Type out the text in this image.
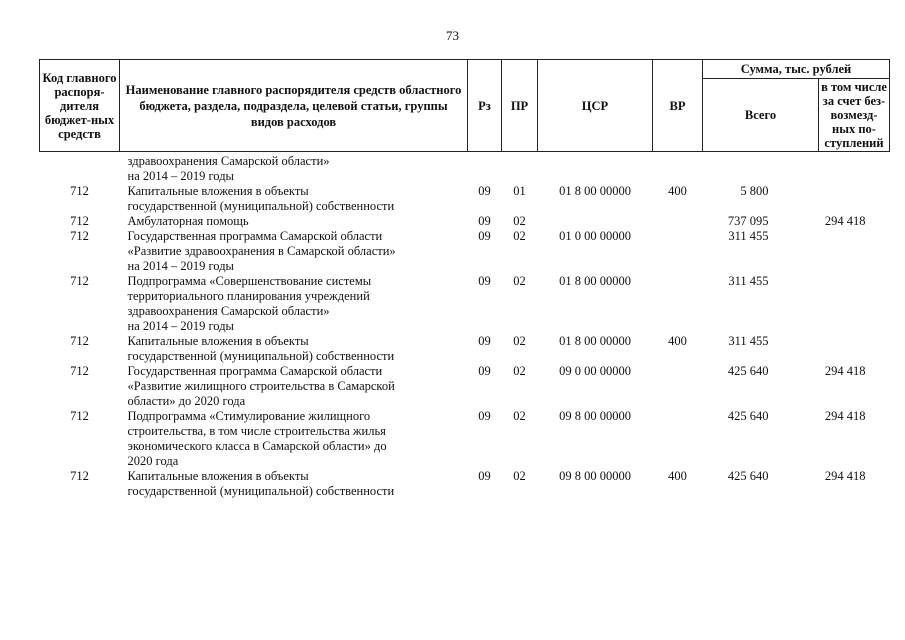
73
Код главного распоря-дителя бюджет-ных средств	Наименование главного распорядителя средств областного бюджета, раздела, подраздела, целевой статьи, группы видов расходов	Рз	ПР	ЦСР	ВР	Сумма, тыс. рублей	
						Всего	в том числе за счет без-возмезд-ных по-ступлений
	здравоохранения Самарской области»
на 2014 – 2019 годы						
712	Капитальные вложения в объекты
государственной (муниципальной) собственности	09	01	01 8 00 00000	400	5 800	
712	Амбулаторная помощь	09	02			737 095	294 418
712	Государственная программа Самарской области
«Развитие здравоохранения в Самарской области»
на 2014 – 2019 годы	09	02	01 0 00 00000		311 455	
712	Подпрограмма «Совершенствование системы
территориального планирования учреждений
здравоохранения Самарской области»
на 2014 – 2019 годы	09	02	01 8 00 00000		311 455	
712	Капитальные вложения в объекты
государственной (муниципальной) собственности	09	02	01 8 00 00000	400	311 455	
712	Государственная программа Самарской области
«Развитие жилищного строительства в Самарской
области» до 2020 года	09	02	09 0 00 00000		425 640	294 418
712	Подпрограмма «Стимулирование жилищного
строительства, в том числе строительства жилья
экономического класса в Самарской области» до
2020 года	09	02	09 8 00 00000		425 640	294 418
712	Капитальные вложения в объекты
государственной (муниципальной) собственности	09	02	09 8 00 00000	400	425 640	294 418
